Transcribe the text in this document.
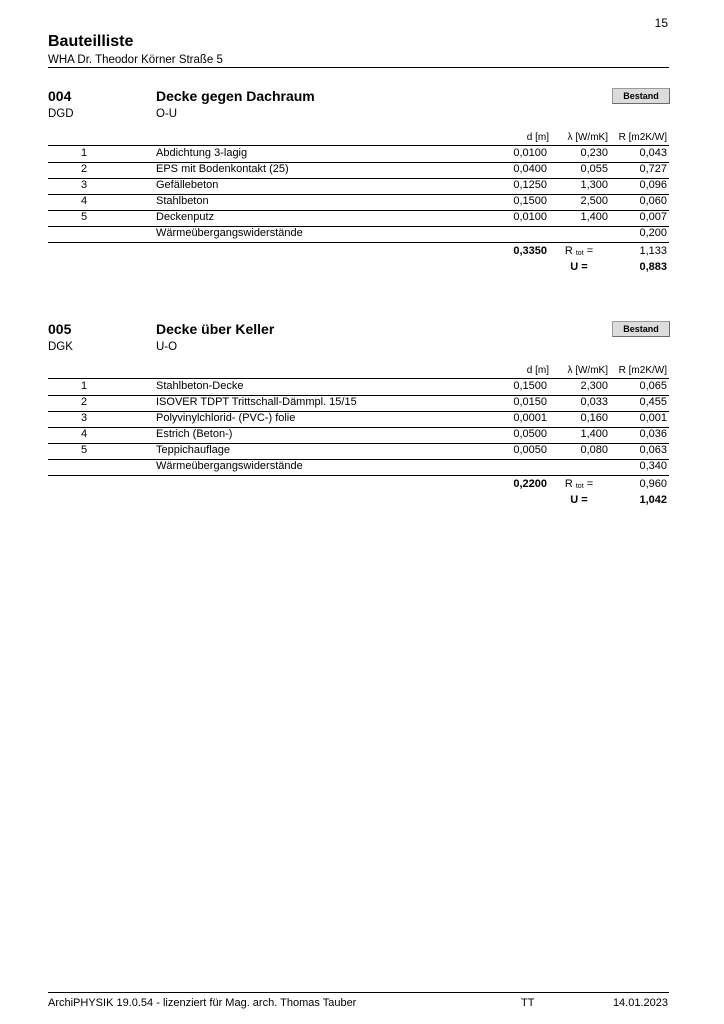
15
Bauteilliste
WHA Dr. Theodor Körner Straße 5
004	Decke gegen Dachraum	Bestand
DGD	O-U
d [m]	λ [W/mK]	R [m2K/W]
1	Abdichtung 3-lagig	0,0100	0,230	0,043
2	EPS mit Bodenkontakt (25)	0,0400	0,055	0,727
3	Gefällebeton	0,1250	1,300	0,096
4	Stahlbeton	0,1500	2,500	0,060
5	Deckenputz	0,0100	1,400	0,007
Wärmeübergangswiderstände	0,200
0,3350	R $_{tot}$ =	1,133
U =	0,883
005	Decke über Keller	Bestand
DGK	U-O
d [m]	λ [W/mK]	R [m2K/W]
1	Stahlbeton-Decke	0,1500	2,300	0,065
2	ISOVER TDPT Trittschall-Dämmpl. 15/15	0,0150	0,033	0,455
3	Polyvinylchlorid- (PVC-) folie	0,0001	0,160	0,001
4	Estrich (Beton-)	0,0500	1,400	0,036
5	Teppichauflage	0,0050	0,080	0,063
Wärmeübergangswiderstände	0,340
0,2200	R $_{tot}$ =	0,960
U =	1,042
ArchiPHYSIK 19.0.54 - lizenziert für Mag. arch. Thomas Tauber	TT	14.01.2023
